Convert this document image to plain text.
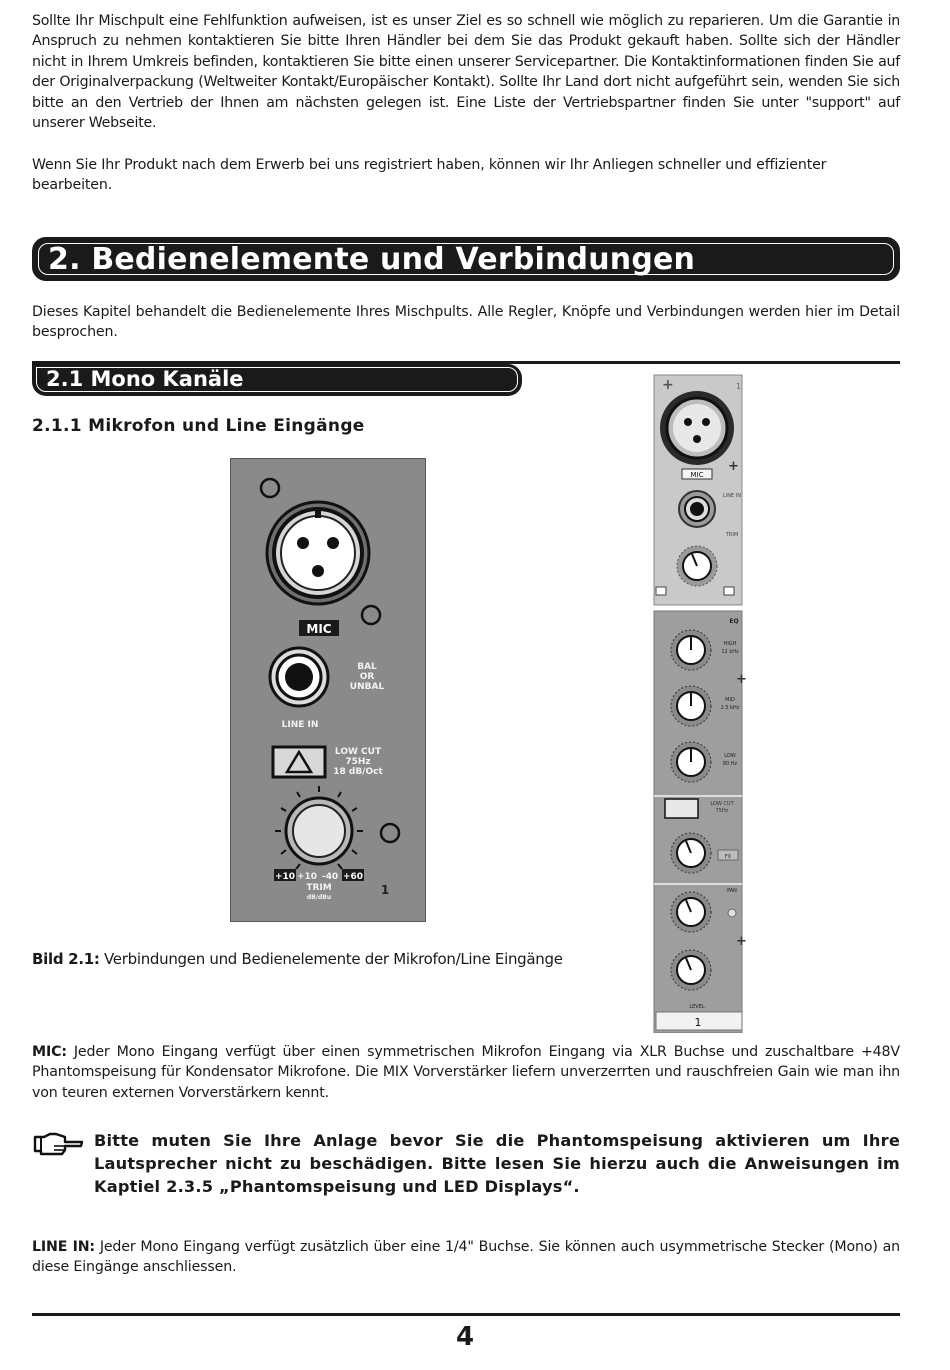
Sollte Ihr Mischpult eine Fehlfunktion aufweisen, ist es unser Ziel es so schnell wie möglich zu reparieren. Um die Garantie in Anspruch zu nehmen kontaktieren Sie bitte Ihren Händler bei dem Sie das Produkt gekauft haben. Sollte sich der Händler nicht in Ihrem Umkreis befinden, kontaktieren Sie bitte einen unserer Servicepartner. Die Kontaktinformationen finden Sie auf der Originalverpackung (Weltweiter Kontakt/Europäischer Kontakt). Sollte Ihr Land dort nicht aufgeführt sein, wenden Sie sich bitte an den Vertrieb der Ihnen am nächsten gelegen ist. Eine Liste der Vertriebspartner finden Sie unter "support" auf unserer Webseite.
Wenn Sie Ihr Produkt nach dem Erwerb bei uns registriert haben, können wir Ihr Anliegen schneller und effizienter bearbeiten.
2. Bedienelemente und Verbindungen
Dieses Kapitel behandelt die Bedienelemente Ihres Mischpults. Alle Regler, Knöpfe und Verbindungen werden hier im Detail besprochen.
2.1 Mono Kanäle
2.1.1 Mikrofon und Line Eingänge
MIC
BAL
OR
UNBAL
LINE IN
LOW CUT
75Hz
18 dB/Oct
+10 +10 -40 +60
TRIM
dB/dBu
1
Bild 2.1: Verbindungen und Bedienelemente der Mikrofon/Line Eingänge
+	1
+
MIC
LINE IN
TRIM
EQ
HIGH
12 kHz
+
MID
2.5 kHz
LOW
80 Hz
LOW CUT
75Hz
FX
PAN
+
LEVEL
1
MIC: Jeder Mono Eingang verfügt über einen symmetrischen Mikrofon Eingang via XLR Buchse und zuschaltbare +48V Phantomspeisung für Kondensator Mikrofone. Die MIX Vorverstärker liefern unverzerrten und rauschfreien Gain wie man ihn von teuren externen Vorverstärkern kennt.
Bitte muten Sie Ihre Anlage bevor Sie die Phantomspeisung aktivieren um Ihre Lautsprecher nicht zu beschädigen. Bitte lesen Sie hierzu auch die Anweisungen im Kaptiel 2.3.5 „Phantomspeisung und LED Displays“.
LINE IN: Jeder Mono Eingang verfügt zusätzlich über eine 1/4" Buchse. Sie können auch usymmetrische Stecker (Mono) an diese Eingänge anschliessen.
4
